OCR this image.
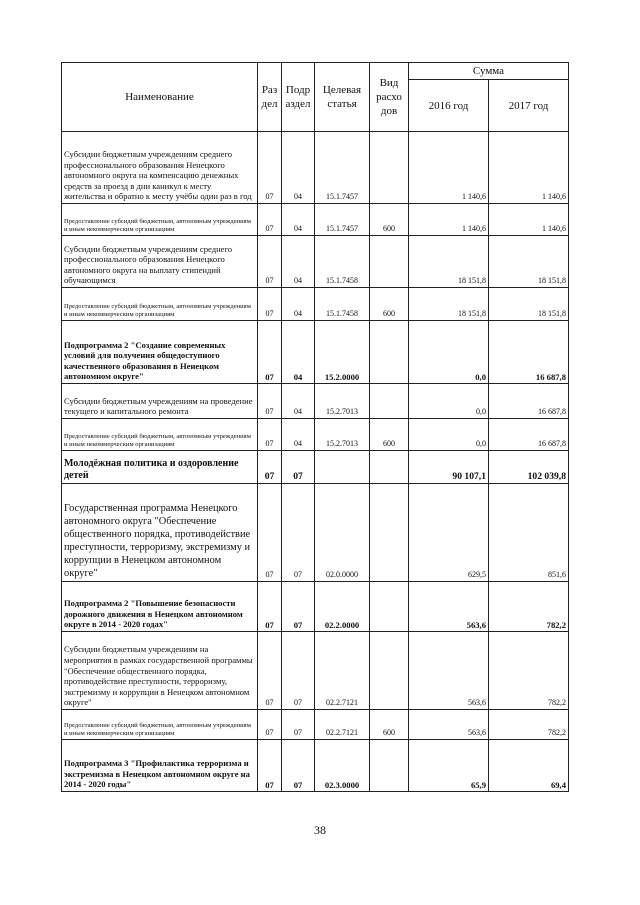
Наименование	Раз дел	Подр аздел	Целевая статья	Вид расхо дов	Сумма	
					2016 год	2017 год
Субсидии бюджетным учреждениям среднего профессионального образования Ненецкого автономного округа на компенсацию денежных средств за проезд в дни каникул к месту жительства и обратно к месту учёбы один раз в год	07	04	15.1.7457		1 140,6	1 140,6
Предоставление субсидий бюджетным, автономным учреждениям и иным некоммерческим организациям	07	04	15.1.7457	600	1 140,6	1 140,6
Субсидии бюджетным учреждениям среднего профессионального образования Ненецкого автономного округа на выплату стипендий обучающимся	07	04	15.1.7458		18 151,8	18 151,8
Предоставление субсидий бюджетным, автономным учреждениям и иным некоммерческим организациям	07	04	15.1.7458	600	18 151,8	18 151,8
Подпрограмма 2 "Создание современных условий для получения общедоступного качественного образования в Ненецком автономном округе"	07	04	15.2.0000		0,0	16 687,8
Субсидии бюджетным учреждениям на проведение текущего и капитального ремонта	07	04	15.2.7013		0,0	16 687,8
Предоставление субсидий бюджетным, автономным учреждениям и иным некоммерческим организациям	07	04	15.2.7013	600	0,0	16 687,8
Молодёжная политика и оздоровление детей	07	07			90 107,1	102 039,8
Государственная программа Ненецкого автономного округа "Обеспечение общественного порядка, противодействие преступности, терроризму, экстремизму и коррупции в Ненецком автономном округе"	07	07	02.0.0000		629,5	851,6
Подпрограмма 2 "Повышение безопасности дорожного движения в Ненецком автономном округе в 2014 - 2020 годах"	07	07	02.2.0000		563,6	782,2
Субсидии бюджетным учреждениям на мероприятия в рамках государственной программы "Обеспечение общественного порядка, противодействие преступности, терроризму, экстремизму и коррупции в Ненецком автономном округе"	07	07	02.2.7121		563,6	782,2
Предоставление субсидий бюджетным, автономным учреждениям и иным некоммерческим организациям	07	07	02.2.7121	600	563,6	782,2
Подпрограмма 3 "Профилактика терроризма и экстремизма в Ненецком автономном округе на 2014 - 2020 годы"	07	07	02.3.0000		65,9	69,4
38
